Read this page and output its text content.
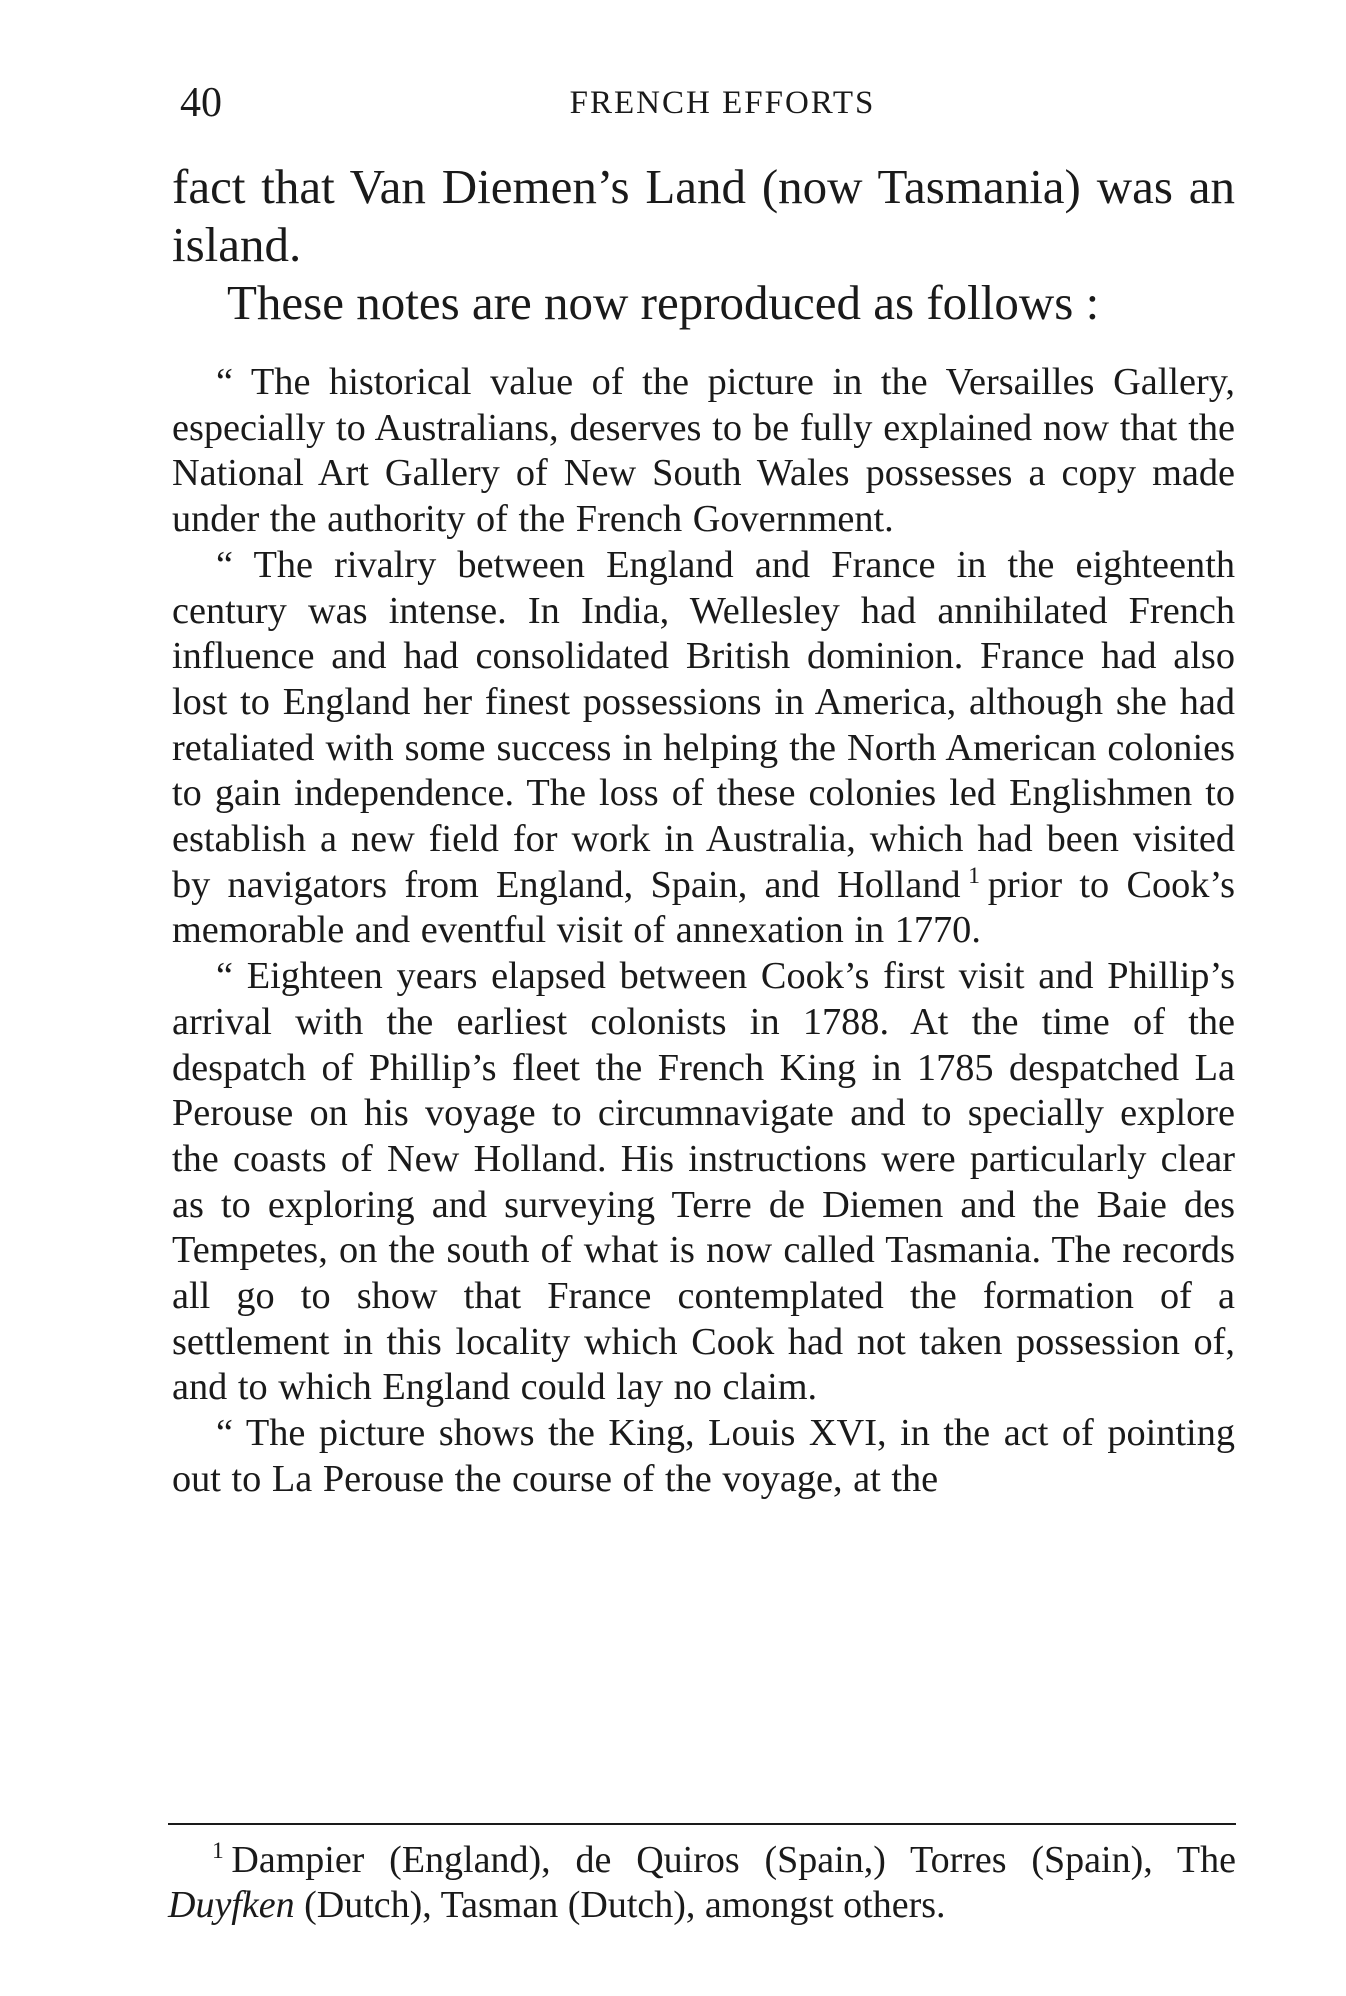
40	FRENCH EFFORTS

fact that Van Diemen’s Land (now Tasmania) was an island.

These notes are now reproduced as follows :

“ The historical value of the picture in the Versailles Gallery, especially to Australians, deserves to be fully explained now that the National Art Gallery of New South Wales possesses a copy made under the authority of the French Government.

“ The rivalry between England and France in the eighteenth century was intense. In India, Wellesley had annihilated French influence and had consolidated British dominion. France had also lost to England her finest possessions in America, although she had retaliated with some success in helping the North American colonies to gain independence. The loss of these colonies led Englishmen to establish a new field for work in Australia, which had been visited by navigators from England, Spain, and Holland  $^1$  prior to Cook’s memorable and eventful visit of annexation in 1770.

“ Eighteen years elapsed between Cook’s first visit and Phillip’s arrival with the earliest colonists in 1788. At the time of the despatch of Phillip’s fleet the French King in 1785 despatched La Perouse on his voyage to circumnavigate and to specially explore the coasts of New Holland. His instructions were particularly clear as to exploring and surveying Terre de Diemen and the Baie des Tempetes, on the south of what is now called Tasmania. The records all go to show that France contemplated the formation of a settlement in this locality which Cook had not taken possession of, and to which England could lay no claim.

“ The picture shows the King, Louis XVI, in the act of pointing out to La Perouse the course of the voyage, at the

$^1$  Dampier (England), de Quiros (Spain,) Torres (Spain), The Duyfken (Dutch), Tasman (Dutch), amongst others.
